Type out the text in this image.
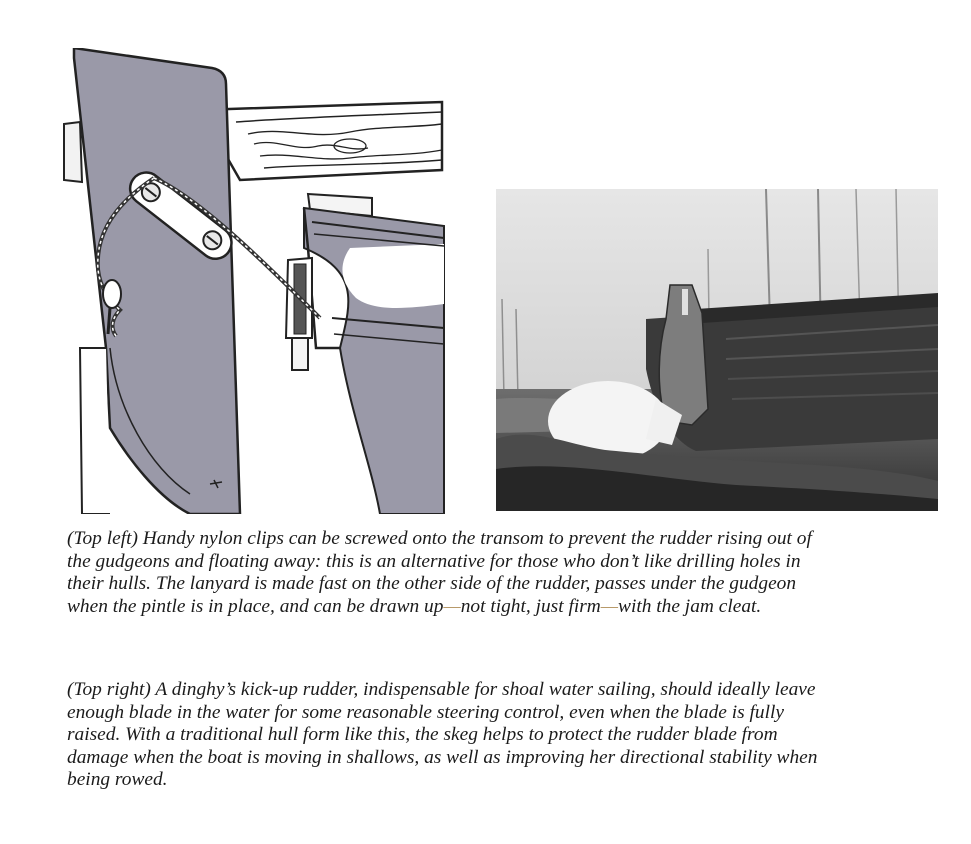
(Top left) Handy nylon clips can be screwed onto the transom to prevent the rudder rising out of the gudgeons and floating away: this is an alternative for those who don’t like drilling holes in their hulls. The lanyard is made fast on the other side of the rudder, passes under the gudgeon when the pintle is in place, and can be drawn up—not tight, just firm—with the jam cleat.

(Top right) A dinghy’s kick-up rudder, indispensable for shoal water sailing, should ideally leave enough blade in the water for some reasonable steering control, even when the blade is fully raised. With a traditional hull form like this, the skeg helps to protect the rudder blade from damage when the boat is moving in shallows, as well as improving her directional stability when being rowed.
